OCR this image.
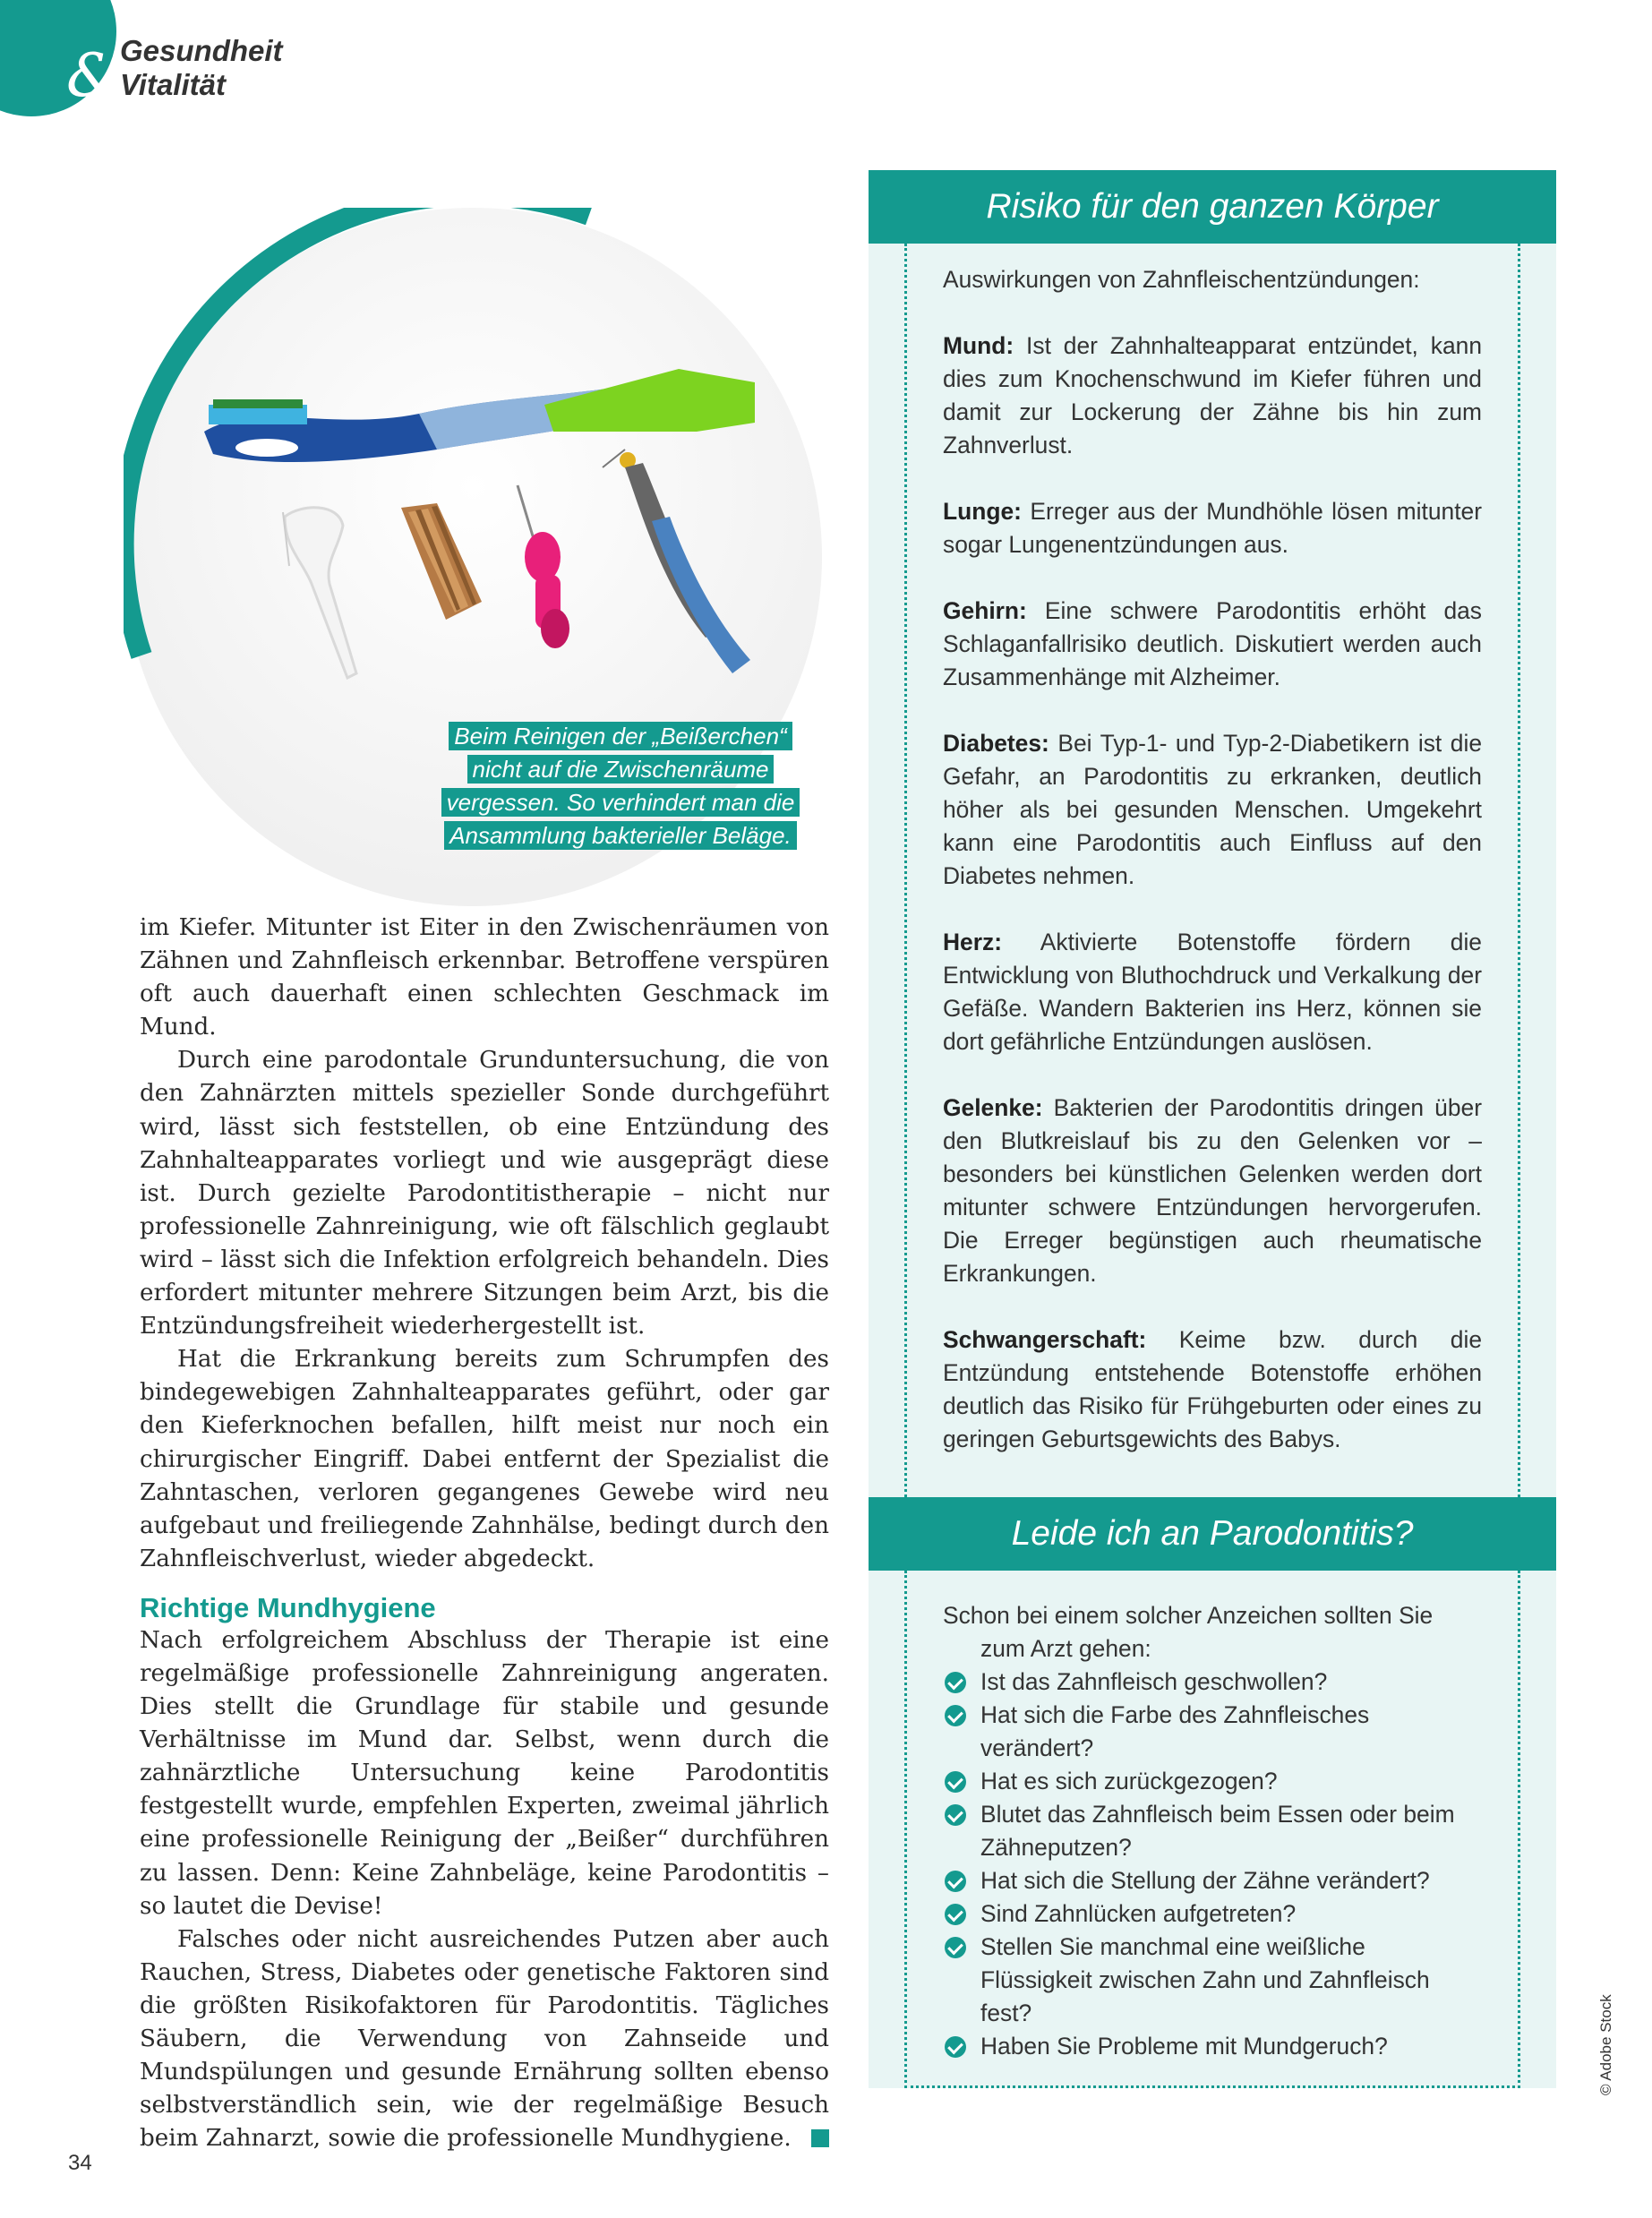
& Gesundheit
Vitalität
Beim Reinigen der „Beißerchen“
nicht auf die Zwischenräume
vergessen. So verhindert man die
Ansammlung bakterieller Beläge.

im Kiefer. Mitunter ist Eiter in den Zwischenräumen von Zähnen und Zahnfleisch erkennbar. Betroffene verspüren oft auch dauerhaft einen schlechten Geschmack im Mund.

Durch eine parodontale Grunduntersuchung, die von den Zahnärzten mittels spezieller Sonde durchgeführt wird, lässt sich feststellen, ob eine Entzündung des Zahnhalteapparates vorliegt und wie ausgeprägt diese ist. Durch gezielte Parodontitistherapie – nicht nur professionelle Zahnreinigung, wie oft fälschlich geglaubt wird – lässt sich die Infektion erfolgreich behandeln. Dies erfordert mitunter mehrere Sitzungen beim Arzt, bis die Entzündungsfreiheit wiederhergestellt ist.

Hat die Erkrankung bereits zum Schrumpfen des bindegewebigen Zahnhalteapparates geführt, oder gar den Kieferknochen befallen, hilft meist nur noch ein chirurgischer Eingriff. Dabei entfernt der Spezialist die Zahntaschen, verloren gegangenes Gewebe wird neu aufgebaut und freiliegende Zahnhälse, bedingt durch den Zahnfleischverlust, wieder abgedeckt.

Richtige Mundhygiene

Nach erfolgreichem Abschluss der Therapie ist eine regelmäßige professionelle Zahnreinigung angeraten. Dies stellt die Grundlage für stabile und gesunde Verhältnisse im Mund dar. Selbst, wenn durch die zahnärztliche Untersuchung keine Parodontitis festgestellt wurde, empfehlen Experten, zweimal jährlich eine professionelle Reinigung der „Beißer“ durchführen zu lassen. Denn: Keine Zahnbeläge, keine Parodontitis – so lautet die Devise!

Falsches oder nicht ausreichendes Putzen aber auch Rauchen, Stress, Diabetes oder genetische Faktoren sind die größten Risikofaktoren für Parodontitis. Tägliches Säubern, die Verwendung von Zahnseide und Mundspülungen und gesunde Ernährung sollten ebenso selbstverständlich sein, wie der regelmäßige Besuch beim Zahnarzt, sowie die professionelle Mundhygiene.

Risiko für den ganzen Körper

Auswirkungen von Zahnfleischentzündungen:

Mund: Ist der Zahnhalteapparat entzündet, kann dies zum Knochenschwund im Kiefer führen und damit zur Lockerung der Zähne bis hin zum Zahnverlust.

Lunge: Erreger aus der Mundhöhle lösen mitunter sogar Lungenentzündungen aus.

Gehirn: Eine schwere Parodontitis erhöht das Schlaganfallrisiko deutlich. Diskutiert werden auch Zusammenhänge mit Alzheimer.

Diabetes: Bei Typ-1- und Typ-2-Diabetikern ist die Gefahr, an Parodontitis zu erkranken, deutlich höher als bei gesunden Menschen. Umgekehrt kann eine Parodontitis auch Einfluss auf den Diabetes nehmen.

Herz: Aktivierte Botenstoffe fördern die Entwicklung von Bluthochdruck und Verkalkung der Gefäße. Wandern Bakterien ins Herz, können sie dort gefährliche Entzündungen auslösen.

Gelenke: Bakterien der Parodontitis dringen über den Blutkreislauf bis zu den Gelenken vor – besonders bei künstlichen Gelenken werden dort mitunter schwere Entzündungen hervorgerufen. Die Erreger begünstigen auch rheumatische Erkrankungen.

Schwangerschaft: Keime bzw. durch die Entzündung entstehende Botenstoffe erhöhen deutlich das Risiko für Frühgeburten oder eines zu geringen Geburtsgewichts des Babys.

Leide ich an Parodontitis?
Schon bei einem solcher Anzeichen sollten Sie
zum Arzt gehen:
Ist das Zahnfleisch geschwollen?
Hat sich die Farbe des Zahnfleisches verändert?
Hat es sich zurückgezogen?
Blutet das Zahnfleisch beim Essen oder beim Zähneputzen?
Hat sich die Stellung der Zähne verändert?
Sind Zahnlücken aufgetreten?
Stellen Sie manchmal eine weißliche Flüssigkeit zwischen Zahn und Zahnfleisch fest?
Haben Sie Probleme mit Mundgeruch?
34
© Adobe Stock
